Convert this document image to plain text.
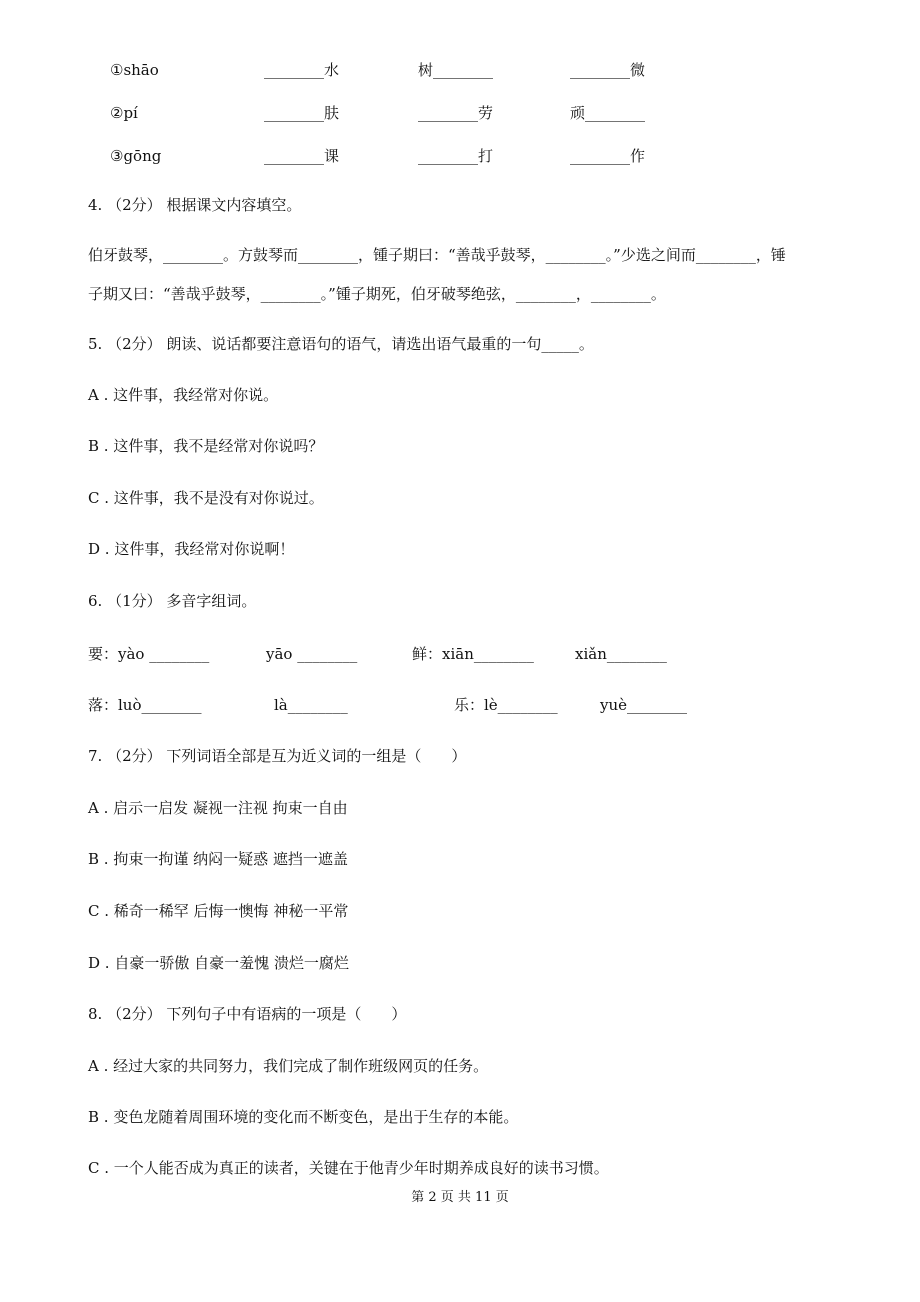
①shāo	________水	树________	________微
②pí	________肤	________劳	顽________
③gōng	________课	________打	________作
4. （2分） 根据课文内容填空。
伯牙鼓琴，________。方鼓琴而________，锺子期曰：“善哉乎鼓琴，________。”少选之间而________，锤
子期又曰：“善哉乎鼓琴，________。”锺子期死，伯牙破琴绝弦，________，________。
5. （2分） 朗读、说话都要注意语句的语气，请选出语气最重的一句_____。
A . 这件事，我经常对你说。
B . 这件事，我不是经常对你说吗？
C . 这件事，我不是没有对你说过。
D . 这件事，我经常对你说啊！
6. （1分） 多音字组词。
要：yào ________	yāo ________	鲜：xiān________	xiǎn________
落：luò________	là________	乐：lè________	yuè________
7. （2分） 下列词语全部是互为近义词的一组是（　　）
A . 启示一启发 凝视一注视 拘束一自由
B . 拘束一拘谨 纳闷一疑惑 遮挡一遮盖
C . 稀奇一稀罕 后悔一懊悔 神秘一平常
D . 自豪一骄傲 自豪一羞愧 溃烂一腐烂
8. （2分） 下列句子中有语病的一项是（　　）
A . 经过大家的共同努力，我们完成了制作班级网页的任务。
B . 变色龙随着周围环境的变化而不断变色，是出于生存的本能。
C . 一个人能否成为真正的读者，关键在于他青少年时期养成良好的读书习惯。
第 2 页 共 11 页
